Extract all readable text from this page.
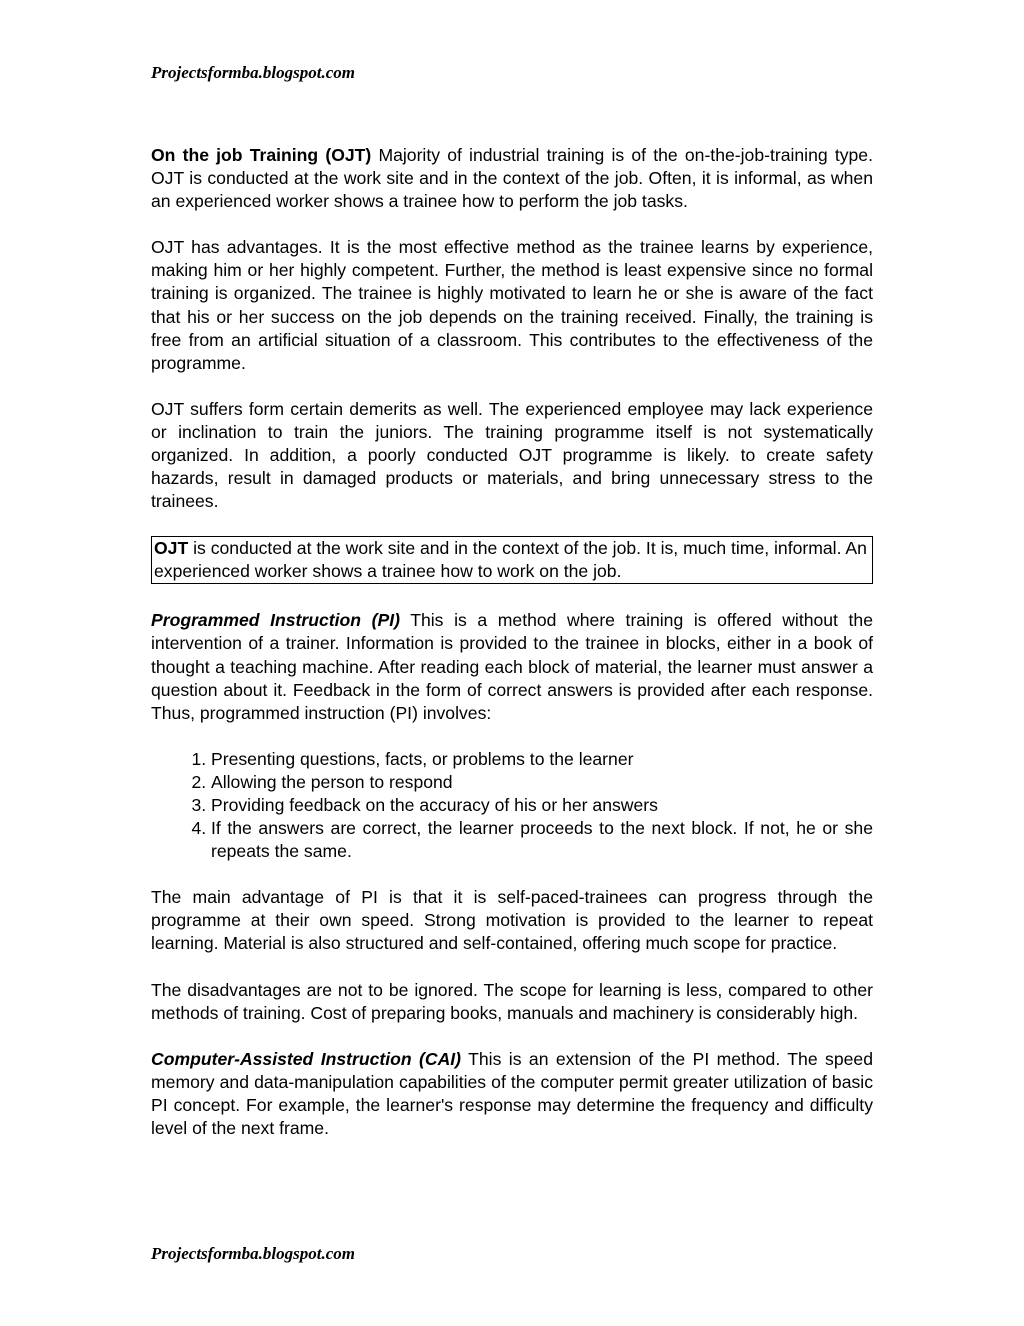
Projectsformba.blogspot.com

On the job Training (OJT) Majority of industrial training is of the on-the-job-training type. OJT is conducted at the work site and in the context of the job. Often, it is informal, as when an experienced worker shows a trainee how to perform the job tasks.

OJT has advantages. It is the most effective method as the trainee learns by experience, making him or her highly competent. Further, the method is least expensive since no formal training is organized. The trainee is highly motivated to learn he or she is aware of the fact that his or her success on the job depends on the training received. Finally, the training is free from an artificial situation of a classroom. This contributes to the effectiveness of the programme.

OJT suffers form certain demerits as well. The experienced employee may lack experience or inclination to train the juniors. The training programme itself is not systematically organized. In addition, a poorly conducted OJT programme is likely. to create safety hazards, result in damaged products or materials, and bring unnecessary stress to the trainees.

OJT is conducted at the work site and in the context of the job. It is, much time, informal. An experienced worker shows a trainee how to work on the job.

Programmed Instruction (PI) This is a method where training is offered without the intervention of a trainer. Information is provided to the trainee in blocks, either in a book of thought a teaching machine. After reading each block of material, the learner must answer a question about it. Feedback in the form of correct answers is provided after each response. Thus, programmed instruction (PI) involves:

1. Presenting questions, facts, or problems to the learner
2. Allowing the person to respond
3. Providing feedback on the accuracy of his or her answers
4. If the answers are correct, the learner proceeds to the next block. If not, he or she repeats the same.

The main advantage of PI is that it is self-paced-trainees can progress through the programme at their own speed. Strong motivation is provided to the learner to repeat learning. Material is also structured and self-contained, offering much scope for practice.

The disadvantages are not to be ignored. The scope for learning is less, compared to other methods of training. Cost of preparing books, manuals and machinery is considerably high.

Computer-Assisted Instruction (CAI) This is an extension of the PI method. The speed memory and data-manipulation capabilities of the computer permit greater utilization of basic PI concept. For example, the learner's response may determine the frequency and difficulty level of the next frame.

Projectsformba.blogspot.com
